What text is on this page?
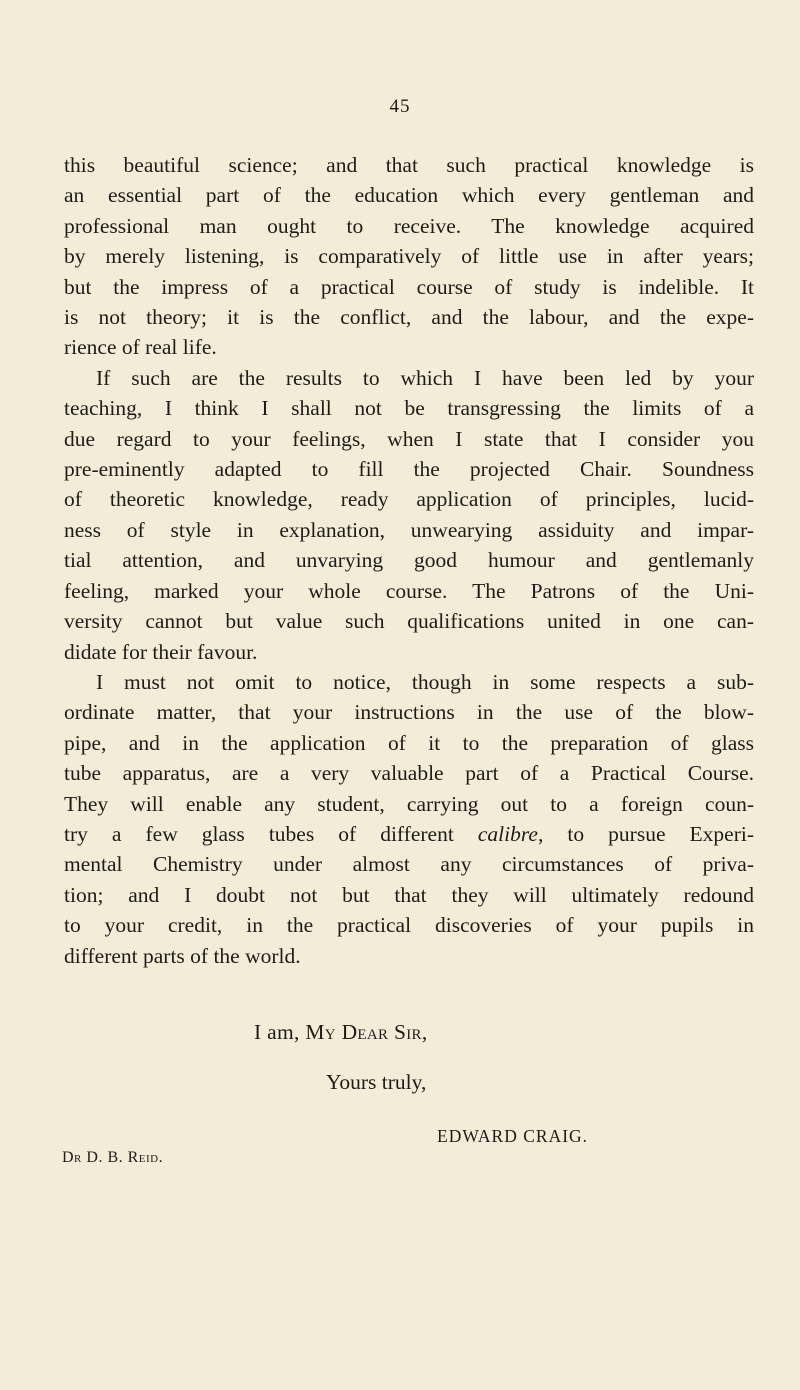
45
this beautiful science; and that such practical knowledge is
an essential part of the education which every gentleman and
professional man ought to receive. The knowledge acquired
by merely listening, is comparatively of little use in after years;
but the impress of a practical course of study is indelible. It
is not theory; it is the conflict, and the labour, and the expe-
rience of real life.
If such are the results to which I have been led by your
teaching, I think I shall not be transgressing the limits of a
due regard to your feelings, when I state that I consider you
pre-eminently adapted to fill the projected Chair. Soundness
of theoretic knowledge, ready application of principles, lucid-
ness of style in explanation, unwearying assiduity and impar-
tial attention, and unvarying good humour and gentlemanly
feeling, marked your whole course. The Patrons of the Uni-
versity cannot but value such qualifications united in one can-
didate for their favour.
I must not omit to notice, though in some respects a sub-
ordinate matter, that your instructions in the use of the blow-
pipe, and in the application of it to the preparation of glass
tube apparatus, are a very valuable part of a Practical Course.
They will enable any student, carrying out to a foreign coun-
try a few glass tubes of different calibre, to pursue Experi-
mental Chemistry under almost any circumstances of priva-
tion; and I doubt not but that they will ultimately redound
to your credit, in the practical discoveries of your pupils in
different parts of the world.
I am, My Dear Sir,
Yours truly,
EDWARD CRAIG.
Dr D. B. Reid.
